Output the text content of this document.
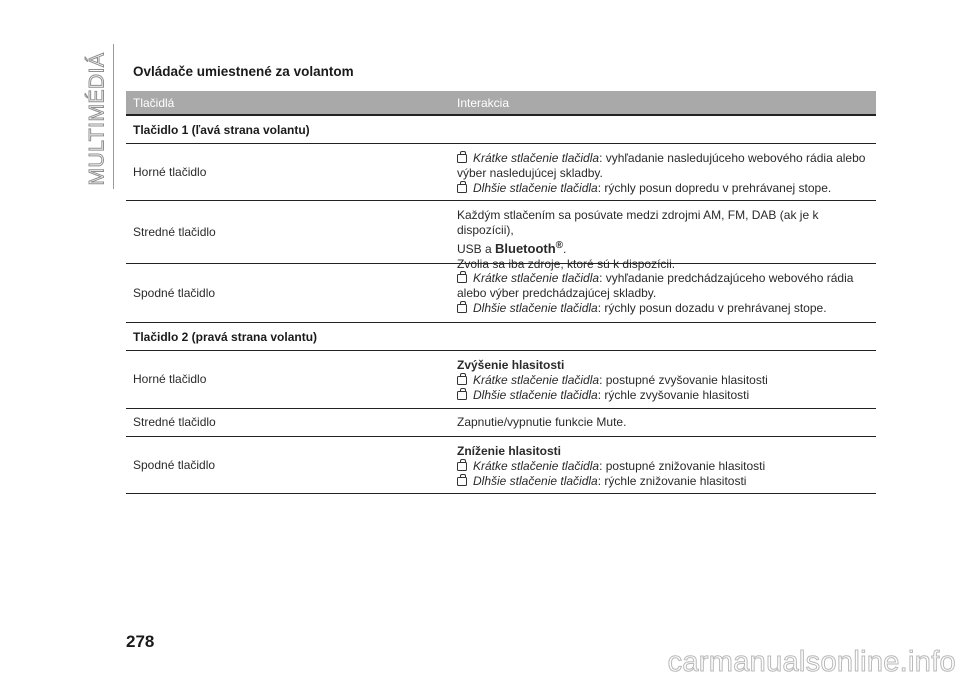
MULTIMÉDIÁ Ovládače umiestnené za volantom
Tlačidlá	Interakcia
Tlačidlo 1 (ľavá strana volantu)
Horné tlačidlo
Krátke stlačenie tlačidla: vyhľadanie nasledujúceho webového rádia alebo výber nasledujúcej skladby.
Dlhšie stlačenie tlačidla: rýchly posun dopredu v prehrávanej stope.
Stredné tlačidlo
Každým stlačením sa posúvate medzi zdrojmi AM, FM, DAB (ak je k dispozícii),
USB a Bluetooth®.
Zvolia sa iba zdroje, ktoré sú k dispozícii.
Spodné tlačidlo
Krátke stlačenie tlačidla: vyhľadanie predchádzajúceho webového rádia alebo výber predchádzajúcej skladby.
Dlhšie stlačenie tlačidla: rýchly posun dozadu v prehrávanej stope.
Tlačidlo 2 (pravá strana volantu)
Horné tlačidlo
Zvýšenie hlasitosti
Krátke stlačenie tlačidla: postupné zvyšovanie hlasitosti
Dlhšie stlačenie tlačidla: rýchle zvyšovanie hlasitosti
Stredné tlačidlo	Zapnutie/vypnutie funkcie Mute.
Spodné tlačidlo
Zníženie hlasitosti
Krátke stlačenie tlačidla: postupné znižovanie hlasitosti
Dlhšie stlačenie tlačidla: rýchle znižovanie hlasitosti

278

carmanualsonline.info
